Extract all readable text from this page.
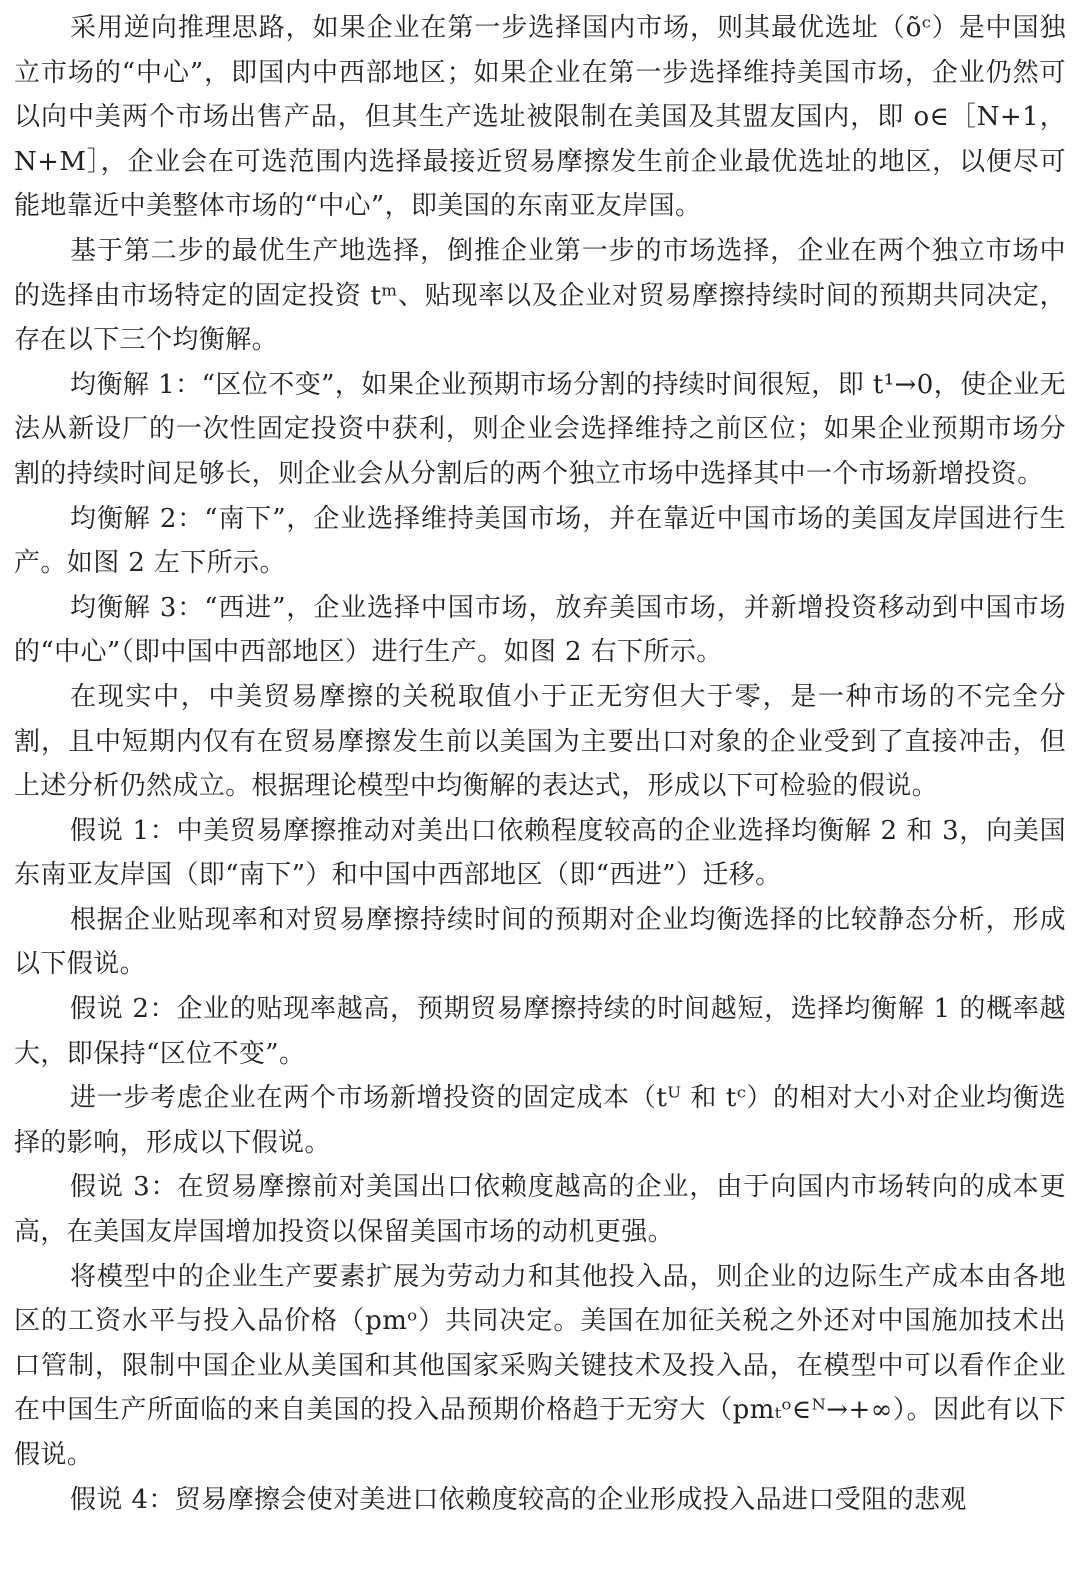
采用逆向推理思路，如果企业在第一步选择国内市场，则其最优选址（õᶜ）是中国独立市场的“中心”，即国内中西部地区；如果企业在第一步选择维持美国市场，企业仍然可以向中美两个市场出售产品，但其生产选址被限制在美国及其盟友国内，即 o∈［N+1，N+M］，企业会在可选范围内选择最接近贸易摩擦发生前企业最优选址的地区，以便尽可能地靠近中美整体市场的“中心”，即美国的东南亚友岸国。

基于第二步的最优生产地选择，倒推企业第一步的市场选择，企业在两个独立市场中的选择由市场特定的固定投资 tᵐ、贴现率以及企业对贸易摩擦持续时间的预期共同决定，存在以下三个均衡解。

均衡解 1：“区位不变”，如果企业预期市场分割的持续时间很短，即 t¹→0，使企业无法从新设厂的一次性固定投资中获利，则企业会选择维持之前区位；如果企业预期市场分割的持续时间足够长，则企业会从分割后的两个独立市场中选择其中一个市场新增投资。

均衡解 2：“南下”，企业选择维持美国市场，并在靠近中国市场的美国友岸国进行生产。如图 2 左下所示。

均衡解 3：“西进”，企业选择中国市场，放弃美国市场，并新增投资移动到中国市场的“中心”（即中国中西部地区）进行生产。如图 2 右下所示。

在现实中，中美贸易摩擦的关税取值小于正无穷但大于零，是一种市场的不完全分割，且中短期内仅有在贸易摩擦发生前以美国为主要出口对象的企业受到了直接冲击，但上述分析仍然成立。根据理论模型中均衡解的表达式，形成以下可检验的假说。

假说 1：中美贸易摩擦推动对美出口依赖程度较高的企业选择均衡解 2 和 3，向美国东南亚友岸国（即“南下”）和中国中西部地区（即“西进”）迁移。

根据企业贴现率和对贸易摩擦持续时间的预期对企业均衡选择的比较静态分析，形成以下假说。

假说 2：企业的贴现率越高，预期贸易摩擦持续的时间越短，选择均衡解 1 的概率越大，即保持“区位不变”。

进一步考虑企业在两个市场新增投资的固定成本（tᵁ 和 tᶜ）的相对大小对企业均衡选择的影响，形成以下假说。

假说 3：在贸易摩擦前对美国出口依赖度越高的企业，由于向国内市场转向的成本更高，在美国友岸国增加投资以保留美国市场的动机更强。

将模型中的企业生产要素扩展为劳动力和其他投入品，则企业的边际生产成本由各地区的工资水平与投入品价格（pmᵒ）共同决定。美国在加征关税之外还对中国施加技术出口管制，限制中国企业从美国和其他国家采购关键技术及投入品，在模型中可以看作企业在中国生产所面临的来自美国的投入品预期价格趋于无穷大（pmₜᵒ∈ᴺ→+∞）。因此有以下假说。

假说 4：贸易摩擦会使对美进口依赖度较高的企业形成投入品进口受阻的悲观
